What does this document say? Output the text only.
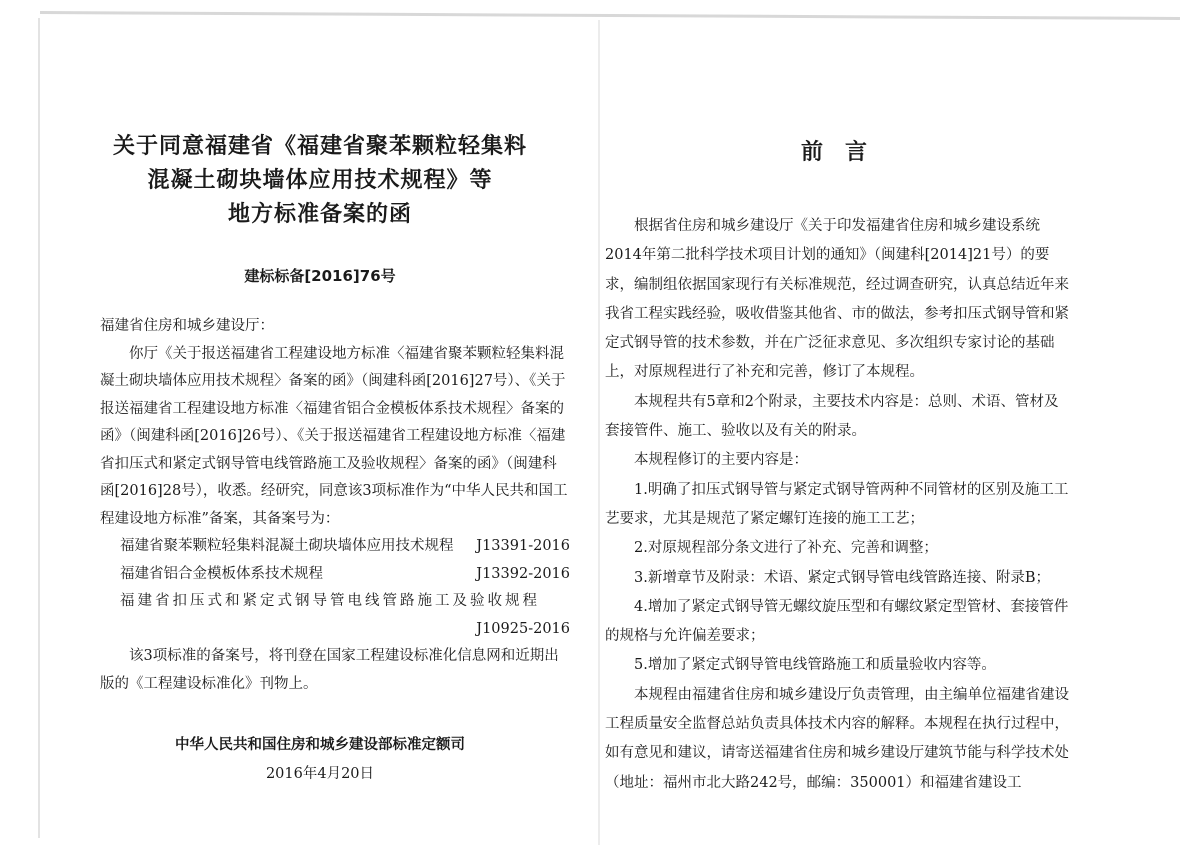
关于同意福建省《福建省聚苯颗粒轻集料
混凝土砌块墙体应用技术规程》等
地方标准备案的函
建标标备[2016]76号

福建省住房和城乡建设厅：

你厅《关于报送福建省工程建设地方标准〈福建省聚苯颗粒轻集料混凝土砌块墙体应用技术规程〉备案的函》（闽建科函[2016]27号）、《关于报送福建省工程建设地方标准〈福建省铝合金模板体系技术规程〉备案的函》（闽建科函[2016]26号）、《关于报送福建省工程建设地方标准〈福建省扣压式和紧定式钢导管电线管路施工及验收规程〉备案的函》（闽建科函[2016]28号），收悉。经研究，同意该3项标准作为“中华人民共和国工程建设地方标准”备案，其备案号为：

福建省聚苯颗粒轻集料混凝土砌块墙体应用技术规程 J13391-2016
福建省铝合金模板体系技术规程	J13392-2016
福建省扣压式和紧定式钢导管电线管路施工及验收规程
J10925-2016

该3项标准的备案号，将刊登在国家工程建设标准化信息网和近期出版的《工程建设标准化》刊物上。

中华人民共和国住房和城乡建设部标准定额司
2016年4月20日
前言

根据省住房和城乡建设厅《关于印发福建省住房和城乡建设系统2014年第二批科学技术项目计划的通知》（闽建科[2014]21号）的要求，编制组依据国家现行有关标准规范，经过调查研究，认真总结近年来我省工程实践经验，吸收借鉴其他省、市的做法，参考扣压式钢导管和紧定式钢导管的技术参数，并在广泛征求意见、多次组织专家讨论的基础上，对原规程进行了补充和完善，修订了本规程。

本规程共有5章和2个附录，主要技术内容是：总则、术语、管材及套接管件、施工、验收以及有关的附录。

本规程修订的主要内容是：

1.明确了扣压式钢导管与紧定式钢导管两种不同管材的区别及施工工艺要求，尤其是规范了紧定螺钉连接的施工工艺；

2.对原规程部分条文进行了补充、完善和调整；

3.新增章节及附录：术语、紧定式钢导管电线管路连接、附录B；

4.增加了紧定式钢导管无螺纹旋压型和有螺纹紧定型管材、套接管件的规格与允许偏差要求；

5.增加了紧定式钢导管电线管路施工和质量验收内容等。

本规程由福建省住房和城乡建设厅负责管理，由主编单位福建省建设工程质量安全监督总站负责具体技术内容的解释。本规程在执行过程中，如有意见和建议，请寄送福建省住房和城乡建设厅建筑节能与科学技术处（地址：福州市北大路242号，邮编：350001）和福建省建设工
